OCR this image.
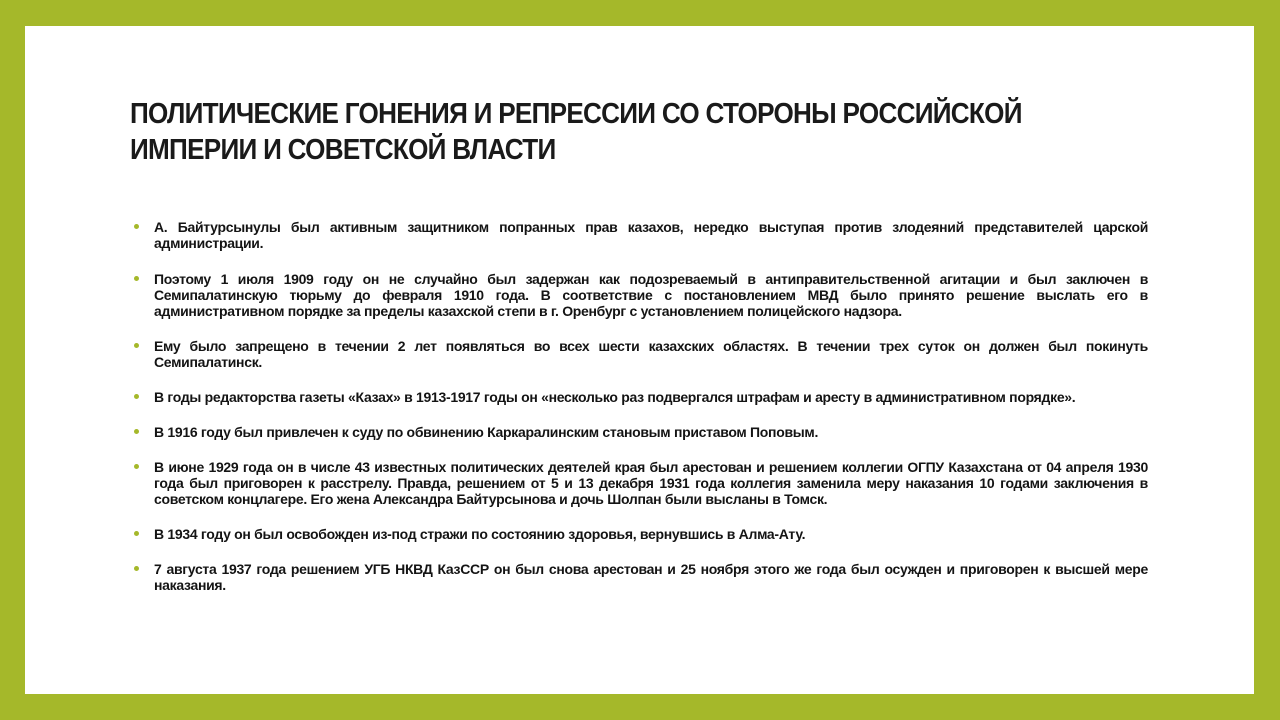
ПОЛИТИЧЕСКИЕ ГОНЕНИЯ И РЕПРЕССИИ СО СТОРОНЫ РОССИЙСКОЙ ИМПЕРИИ И СОВЕТСКОЙ ВЛАСТИ
А. Байтурсынулы был активным защитником попранных прав казахов, нередко выступая против злодеяний представителей царской администрации.
Поэтому 1 июля 1909 году он не случайно был задержан как подозреваемый в антиправительственной агитации и был заключен в Семипалатинскую тюрьму до февраля 1910 года. В соответствие с постановлением МВД было принято решение выслать его в административном порядке за пределы казахской степи в г. Оренбург с установлением полицейского надзора.
Ему было запрещено в течении 2 лет появляться во всех шести казахских областях. В течении трех суток он должен был покинуть Семипалатинск.
В годы редакторства газеты «Казах» в 1913-1917 годы он «несколько раз подвергался штрафам и аресту в административном порядке».
В 1916 году был привлечен к суду по обвинению Каркаралинским становым приставом Поповым.
В июне 1929 года он в числе 43 известных политических деятелей края был арестован и решением коллегии ОГПУ Казахстана от 04 апреля 1930 года был приговорен к расстрелу. Правда, решением от 5 и 13 декабря 1931 года коллегия заменила меру наказания 10 годами заключения в советском концлагере. Его жена Александра Байтурсынова и дочь Шолпан были высланы в Томск.
В 1934 году он был освобожден из-под стражи по состоянию здоровья, вернувшись в Алма-Ату.
7 августа 1937 года решением УГБ НКВД КазССР он был снова арестован и 25 ноября этого же года был осужден и приговорен к высшей мере наказания.
